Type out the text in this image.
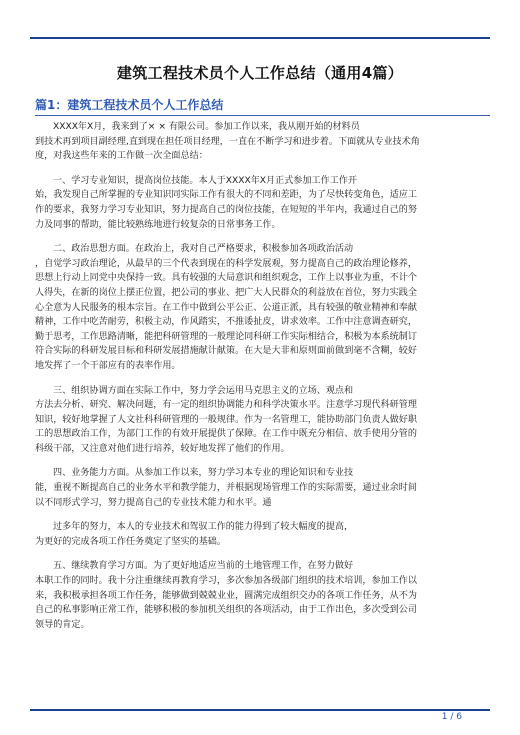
建筑工程技术员个人工作总结（通用4篇）
篇1：建筑工程技术员个人工作总结
XXXX年X月，我来到了× × 有限公司。参加工作以来，我从刚开始的材料员
到技术再到项目副经理,直到现在担任项目经理，一直在不断学习和进步着。下面就从专业技术角
度，对我这些年来的工作做一次全面总结：
一、学习专业知识，提高岗位技能。本人于XXXX年X月正式参加工作工作开
始，我发现自己所掌握的专业知识同实际工作有很大的不同和差距，为了尽快转变角色，适应工
作的要求，我努力学习专业知识，努力提高自己的岗位技能，在短短的半年内，我通过自己的努
力及同事的帮助，能比较熟练地进行较复杂的日常事务工作。
二、政治思想方面。在政治上，我对自己严格要求，积极参加各项政治活动
，自觉学习政治理论，从最早的三个代表到现在的科学发展观，努力提高自己的政治理论修养，
思想上行动上同党中央保持一致。具有较强的大局意识和组织观念，工作上以事业为重，不计个
人得失，在新的岗位上摆正位置，把公司的事业、把广大人民群众的利益放在首位，努力实践全
心全意为人民服务的根本宗旨。在工作中做到公平公正、公道正派，具有较强的敬业精神和奉献
精神，工作中吃苦耐劳，积极主动，作风踏实，不推诿扯皮，讲求效率。工作中注意调查研究，
勤于思考，工作思路清晰，能把科研管理的一般理论同科研工作实际相结合，积极为本系统制订
符合实际的科研发展目标和科研发展措施献计献策。在大是大非和原则面前做到毫不含糊，较好
地发挥了一个干部应有的表率作用。
三、组织协调方面在实际工作中，努力学会运用马克思主义的立场、观点和
方法去分析、研究、解决问题，有一定的组织协调能力和科学决策水平。注意学习现代科研管理
知识，较好地掌握了人文社科科研管理的一般规律。作为一名管理工，能协助部门负责人做好职
工的思想政治工作，为部门工作的有效开展提供了保障。在工作中既充分相信、放手使用分管的
科级干部，又注意对他们进行培养，较好地发挥了他们的作用。
四、业务能力方面。从参加工作以来，努力学习本专业的理论知识和专业技
能，重视不断提高自己的业务水平和教学能力，并根据现场管理工作的实际需要，通过业余时间
以不同形式学习，努力提高自己的专业技术能力和水平。通
过多年的努力，本人的专业技术和驾驭工作的能力得到了较大幅度的提高，
为更好的完成各项工作任务奠定了坚实的基础。
五、继续教育学习方面。为了更好地适应当前的土地管理工作，在努力做好
本职工作的同时。我十分注重继续再教育学习，多次参加各级部门组织的技术培训，参加工作以
来，我积极承担各项工作任务，能够做到兢兢业业，圆满完成组织交办的各项工作任务，从不为
自己的私事影响正常工作，能够积极的参加机关组织的各项活动，由于工作出色，多次受到公司
领导的肯定。
1 / 6
